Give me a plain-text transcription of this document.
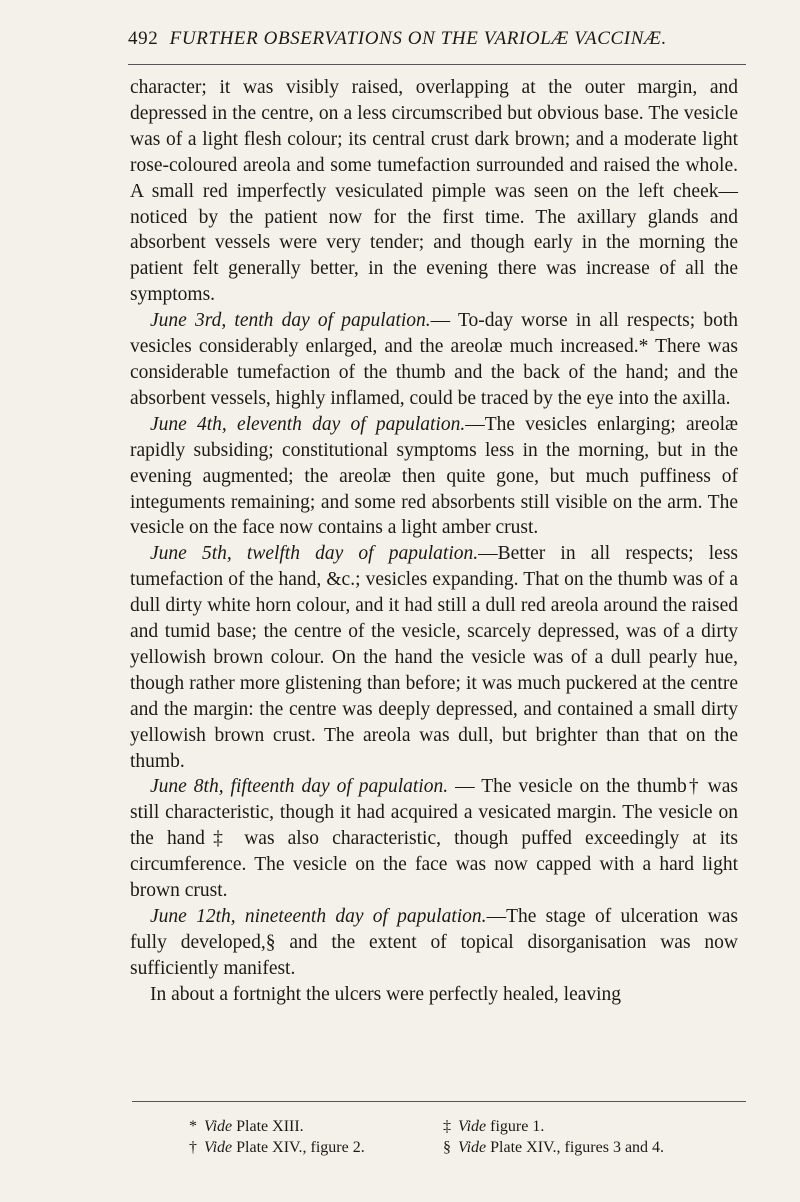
492 FURTHER OBSERVATIONS ON THE VARIOLÆ VACCINÆ.

character; it was visibly raised, overlapping at the outer margin, and depressed in the centre, on a less circumscribed but obvious base. The vesicle was of a light flesh colour; its central crust dark brown; and a moderate light rose-coloured areola and some tumefaction surrounded and raised the whole. A small red imperfectly vesiculated pimple was seen on the left cheek—noticed by the patient now for the first time. The axillary glands and absorbent vessels were very tender; and though early in the morning the patient felt generally better, in the evening there was increase of all the symptoms.

June 3rd, tenth day of papulation.— To-day worse in all respects; both vesicles considerably enlarged, and the areolæ much increased.* There was considerable tumefaction of the thumb and the back of the hand; and the absorbent vessels, highly inflamed, could be traced by the eye into the axilla.

June 4th, eleventh day of papulation.—The vesicles enlarging; areolæ rapidly subsiding; constitutional symptoms less in the morning, but in the evening augmented; the areolæ then quite gone, but much puffiness of integuments remaining; and some red absorbents still visible on the arm. The vesicle on the face now contains a light amber crust.

June 5th, twelfth day of papulation.—Better in all respects; less tumefaction of the hand, &c.; vesicles expanding. That on the thumb was of a dull dirty white horn colour, and it had still a dull red areola around the raised and tumid base; the centre of the vesicle, scarcely depressed, was of a dirty yellowish brown colour. On the hand the vesicle was of a dull pearly hue, though rather more glistening than before; it was much puckered at the centre and the margin: the centre was deeply depressed, and contained a small dirty yellowish brown crust. The areola was dull, but brighter than that on the thumb.

June 8th, fifteenth day of papulation. — The vesicle on the thumb† was still characteristic, though it had acquired a vesicated margin. The vesicle on the hand‡ was also characteristic, though puffed exceedingly at its circumference. The vesicle on the face was now capped with a hard light brown crust.

June 12th, nineteenth day of papulation.—The stage of ulceration was fully developed,§ and the extent of topical disorganisation was now sufficiently manifest.

In about a fortnight the ulcers were perfectly healed, leaving

* Vide Plate XIII.
† Vide Plate XIV., figure 2.
‡ Vide figure 1.
§ Vide Plate XIV., figures 3 and 4.
